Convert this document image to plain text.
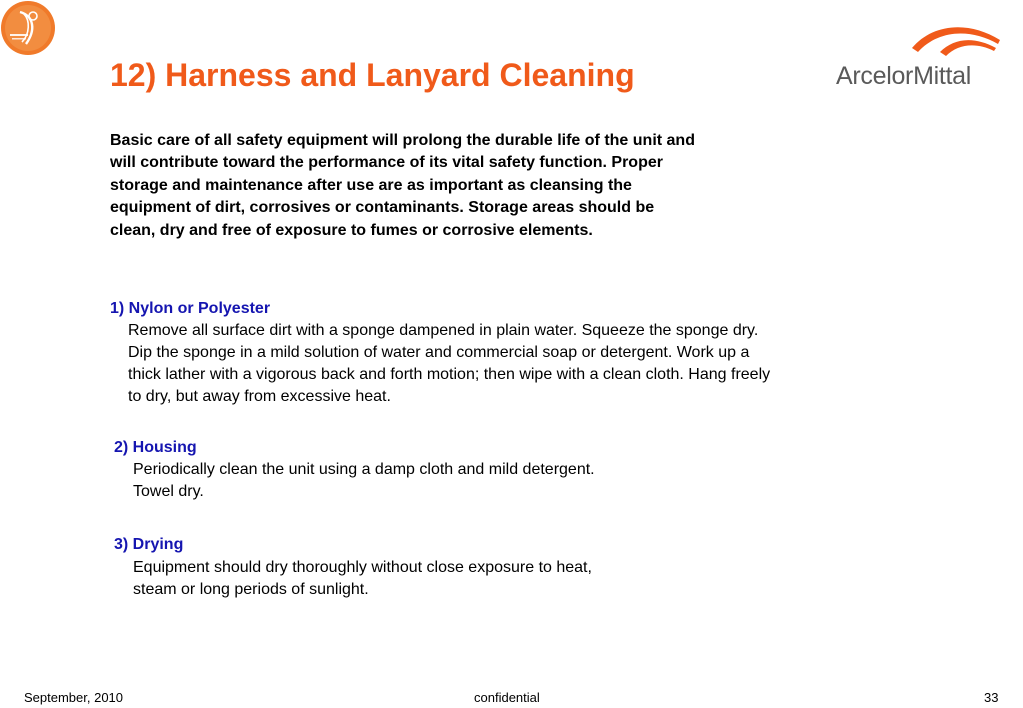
ArcelorMittal
12) Harness and Lanyard Cleaning
Basic care of all safety equipment will prolong the durable life of the unit and
will contribute toward the performance of its vital safety function. Proper
storage and maintenance after use are as important as cleansing the
equipment of dirt, corrosives or contaminants. Storage areas should be
clean, dry and free of exposure to fumes or corrosive elements.
1) Nylon or Polyester
Remove all surface dirt with a sponge dampened in plain water. Squeeze the sponge dry.
Dip the sponge in a mild solution of water and commercial soap or detergent. Work up a
thick lather with a vigorous back and forth motion; then wipe with a clean cloth. Hang freely
to dry, but away from excessive heat.
2) Housing
Periodically clean the unit using a damp cloth and mild detergent.
Towel dry.
3) Drying
Equipment should dry thoroughly without close exposure to heat,
steam or long periods of sunlight.
September, 2010	confidential	33
